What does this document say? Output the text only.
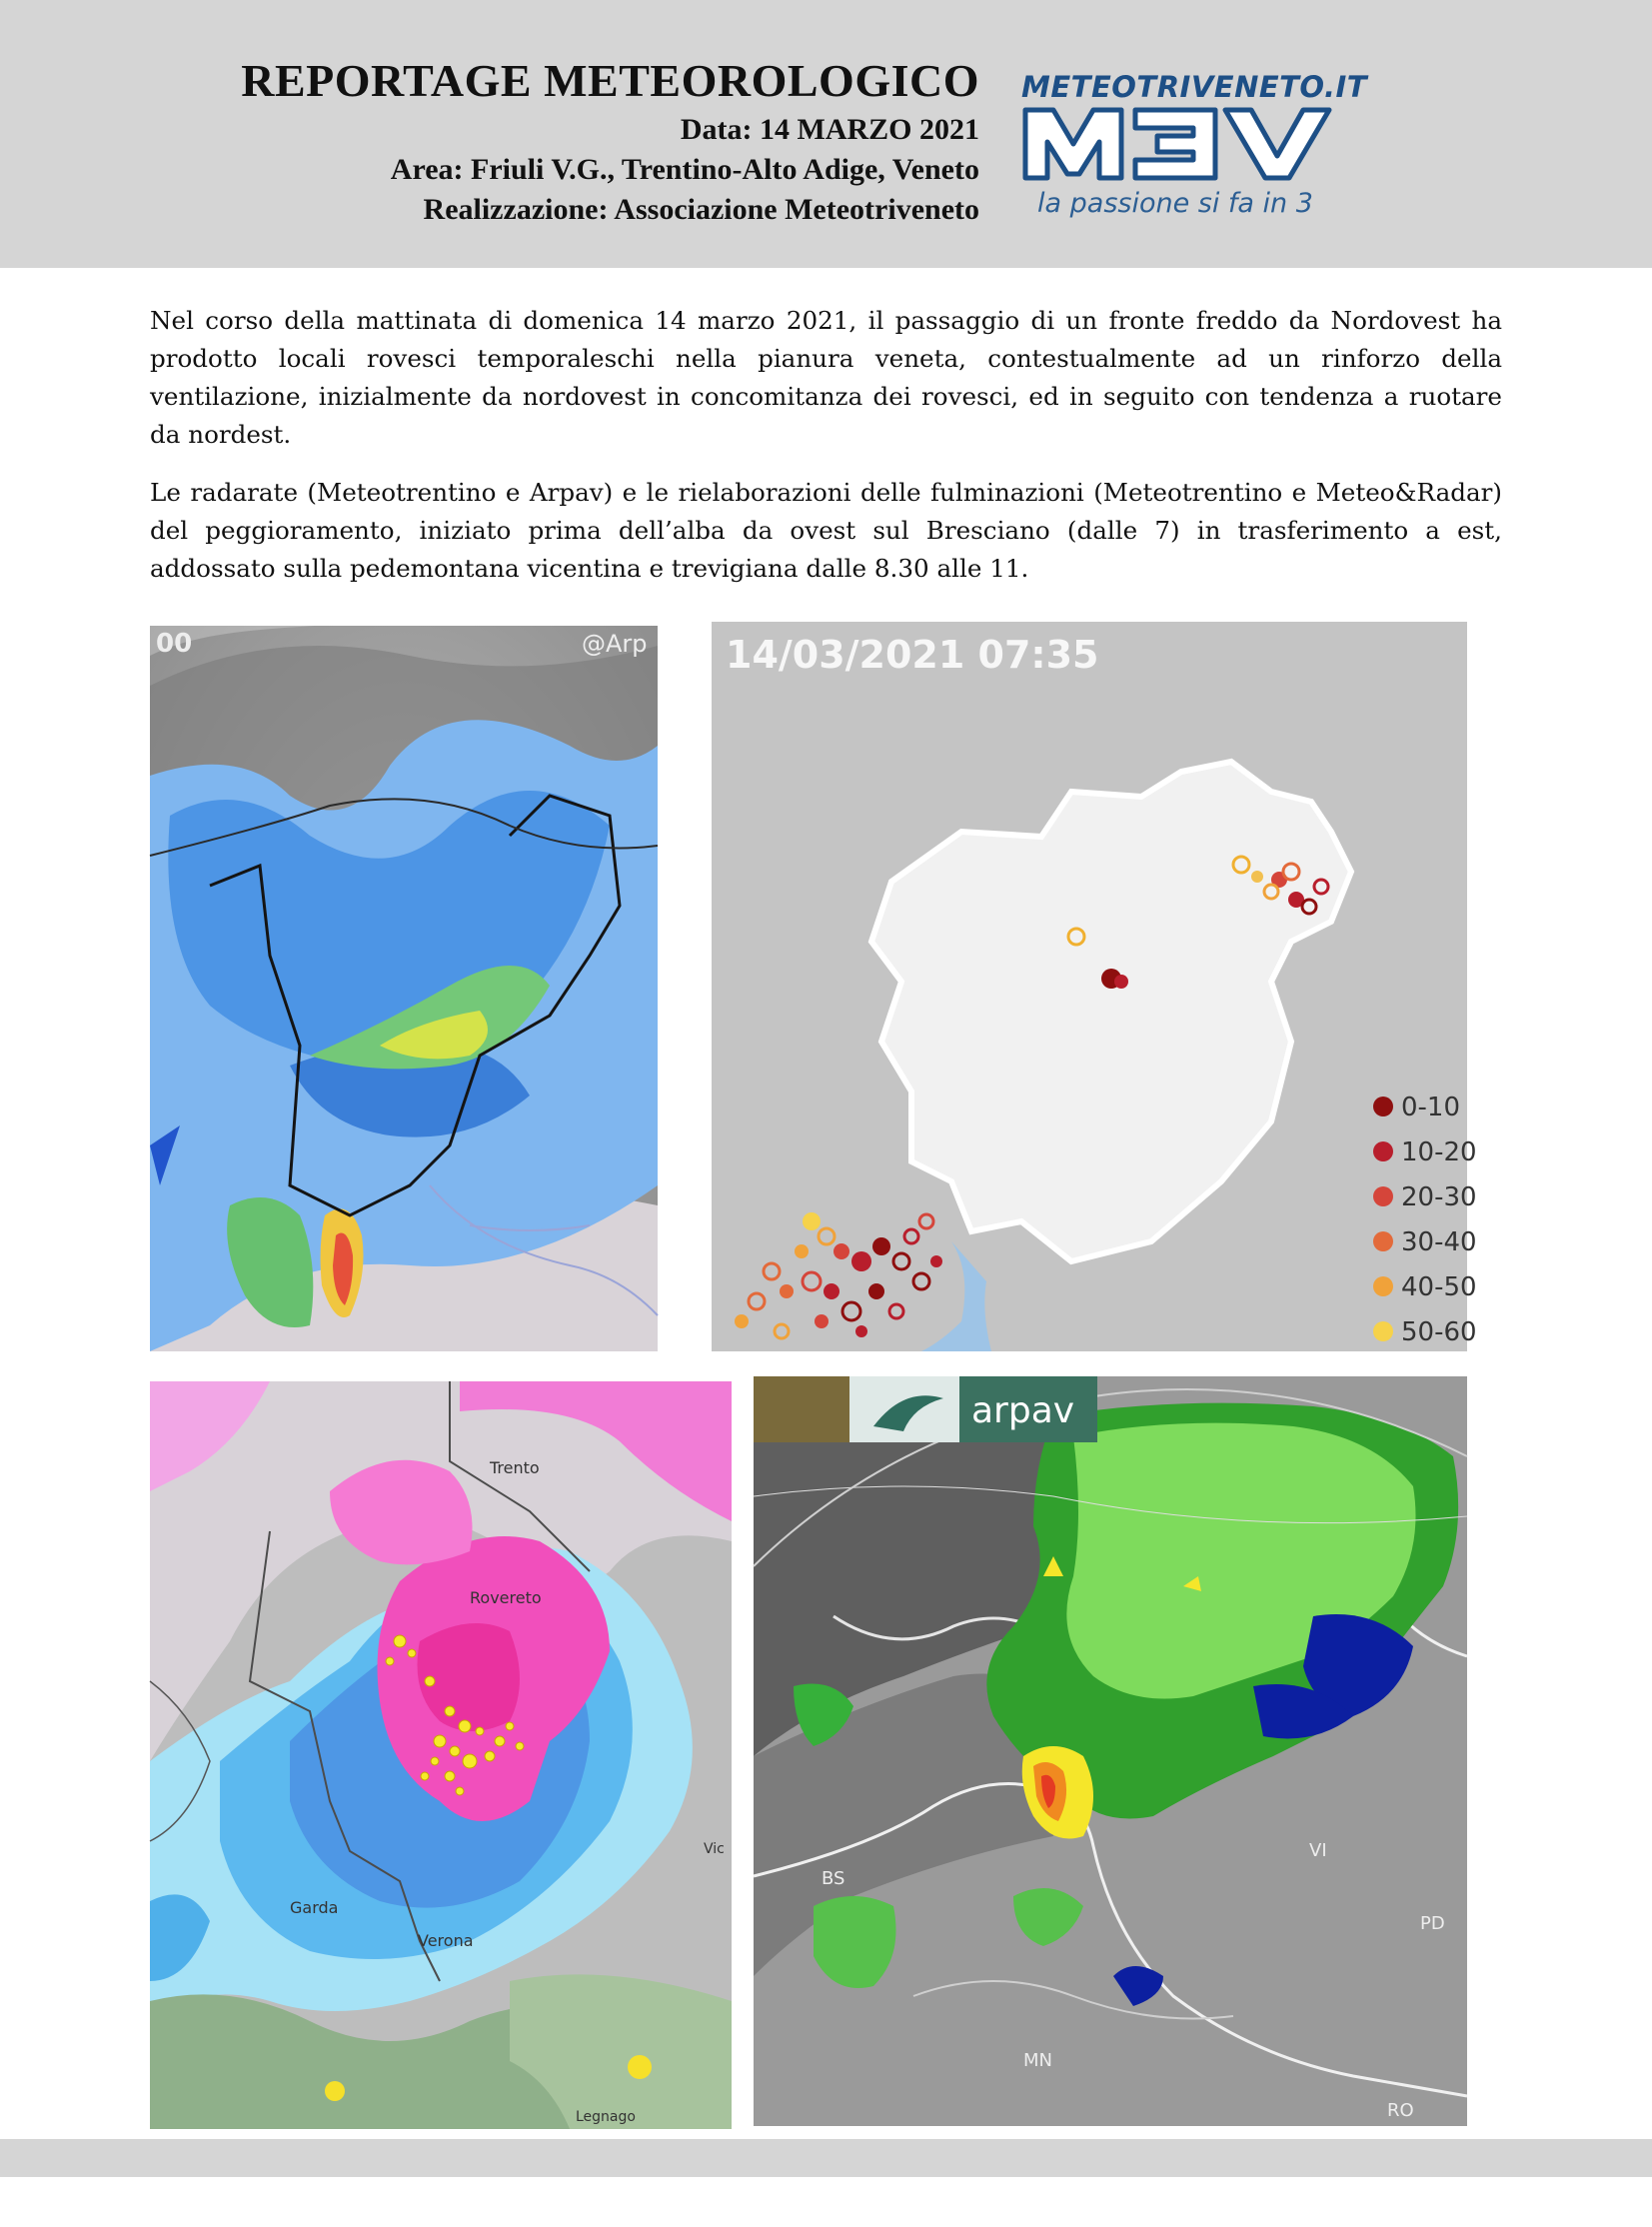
REPORTAGE METEOROLOGICO
Data: 14 MARZO 2021
Area: Friuli V.G., Trentino-Alto Adige, Veneto
Realizzazione: Associazione Meteotriveneto
METEOTRIVENETO.IT
la passione si fa in 3

Nel corso della mattinata di domenica 14 marzo 2021, il passaggio di un fronte freddo da Nordovest ha prodotto locali rovesci temporaleschi nella pianura veneta, contestualmente ad un rinforzo della ventilazione, inizialmente da nordovest in concomitanza dei rovesci, ed in seguito con tendenza a ruotare da nordest.

Le radarate (Meteotrentino e Arpav) e le rielaborazioni delle fulminazioni (Meteotrentino e Meteo&Radar) del peggioramento, iniziato prima dell’alba da ovest sul Bresciano (dalle 7) in trasferimento a est, addossato sulla pedemontana vicentina e trevigiana dalle 8.30 alle 11.

00	@Arp 14/03/2021 07:35
0-10
10-20
20-30
30-40
40-50
50-60
Trento
Rovereto
Garda
Verona
Legnago
Vic
arpav
BS
VI
PD
MN
RO
